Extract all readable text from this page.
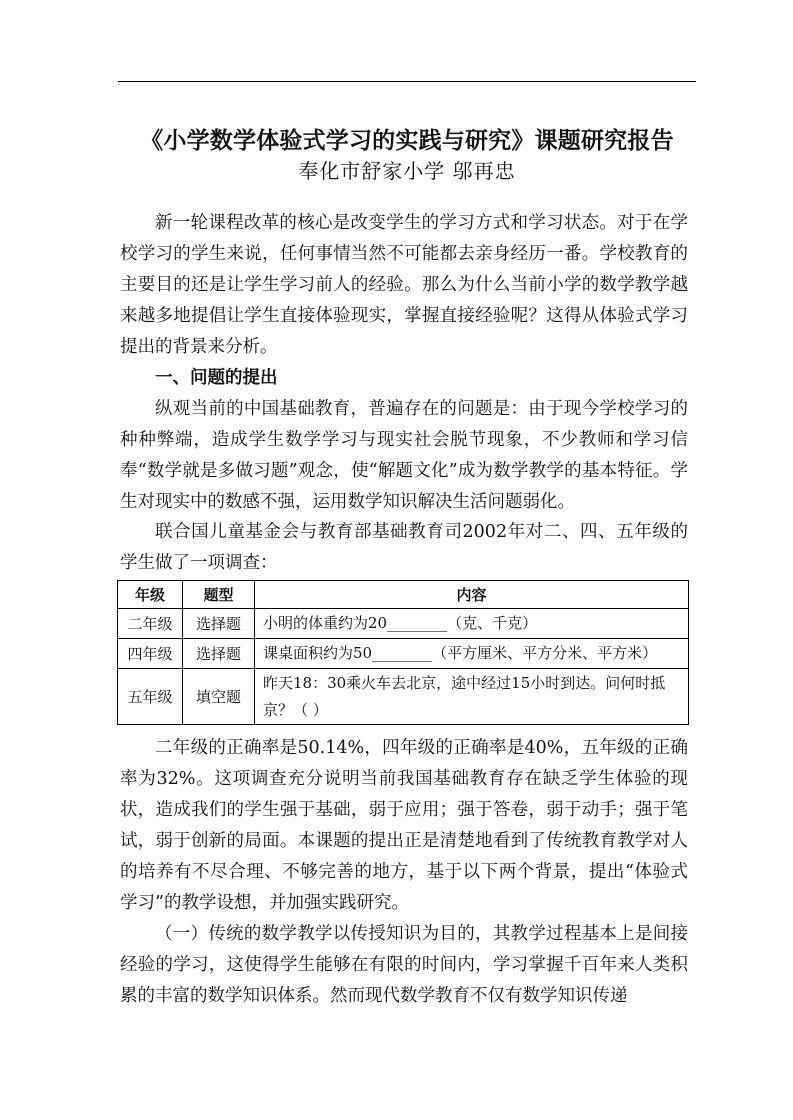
《小学数学体验式学习的实践与研究》课题研究报告
奉化市舒家小学 邬再忠

新一轮课程改革的核心是改变学生的学习方式和学习状态。对于在学校学习的学生来说，任何事情当然不可能都去亲身经历一番。学校教育的主要目的还是让学生学习前人的经验。那么为什么当前小学的数学教学越来越多地提倡让学生直接体验现实，掌握直接经验呢？这得从体验式学习提出的背景来分析。

一、问题的提出

纵观当前的中国基础教育，普遍存在的问题是：由于现今学校学习的种种弊端，造成学生数学学习与现实社会脱节现象，不少教师和学习信奉“数学就是多做习题”观念，使“解题文化”成为数学教学的基本特征。学生对现实中的数感不强，运用数学知识解决生活问题弱化。

联合国儿童基金会与教育部基础教育司2002年对二、四、五年级的学生做了一项调查：

年级	题型	内容
二年级	选择题	小明的体重约为20________（克、千克）
四年级	选择题	课桌面积约为50________（平方厘米、平方分米、平方米）
五年级	填空题	昨天18：30乘火车去北京，途中经过15小时到达。问何时抵京？（ ）

二年级的正确率是50.14%，四年级的正确率是40%，五年级的正确率为32%。这项调查充分说明当前我国基础教育存在缺乏学生体验的现状，造成我们的学生强于基础，弱于应用；强于答卷，弱于动手；强于笔试，弱于创新的局面。本课题的提出正是清楚地看到了传统教育教学对人的培养有不尽合理、不够完善的地方，基于以下两个背景，提出“体验式学习”的教学设想，并加强实践研究。

（一）传统的数学教学以传授知识为目的，其教学过程基本上是间接经验的学习，这使得学生能够在有限的时间内，学习掌握千百年来人类积累的丰富的数学知识体系。然而现代数学教育不仅有数学知识传递
